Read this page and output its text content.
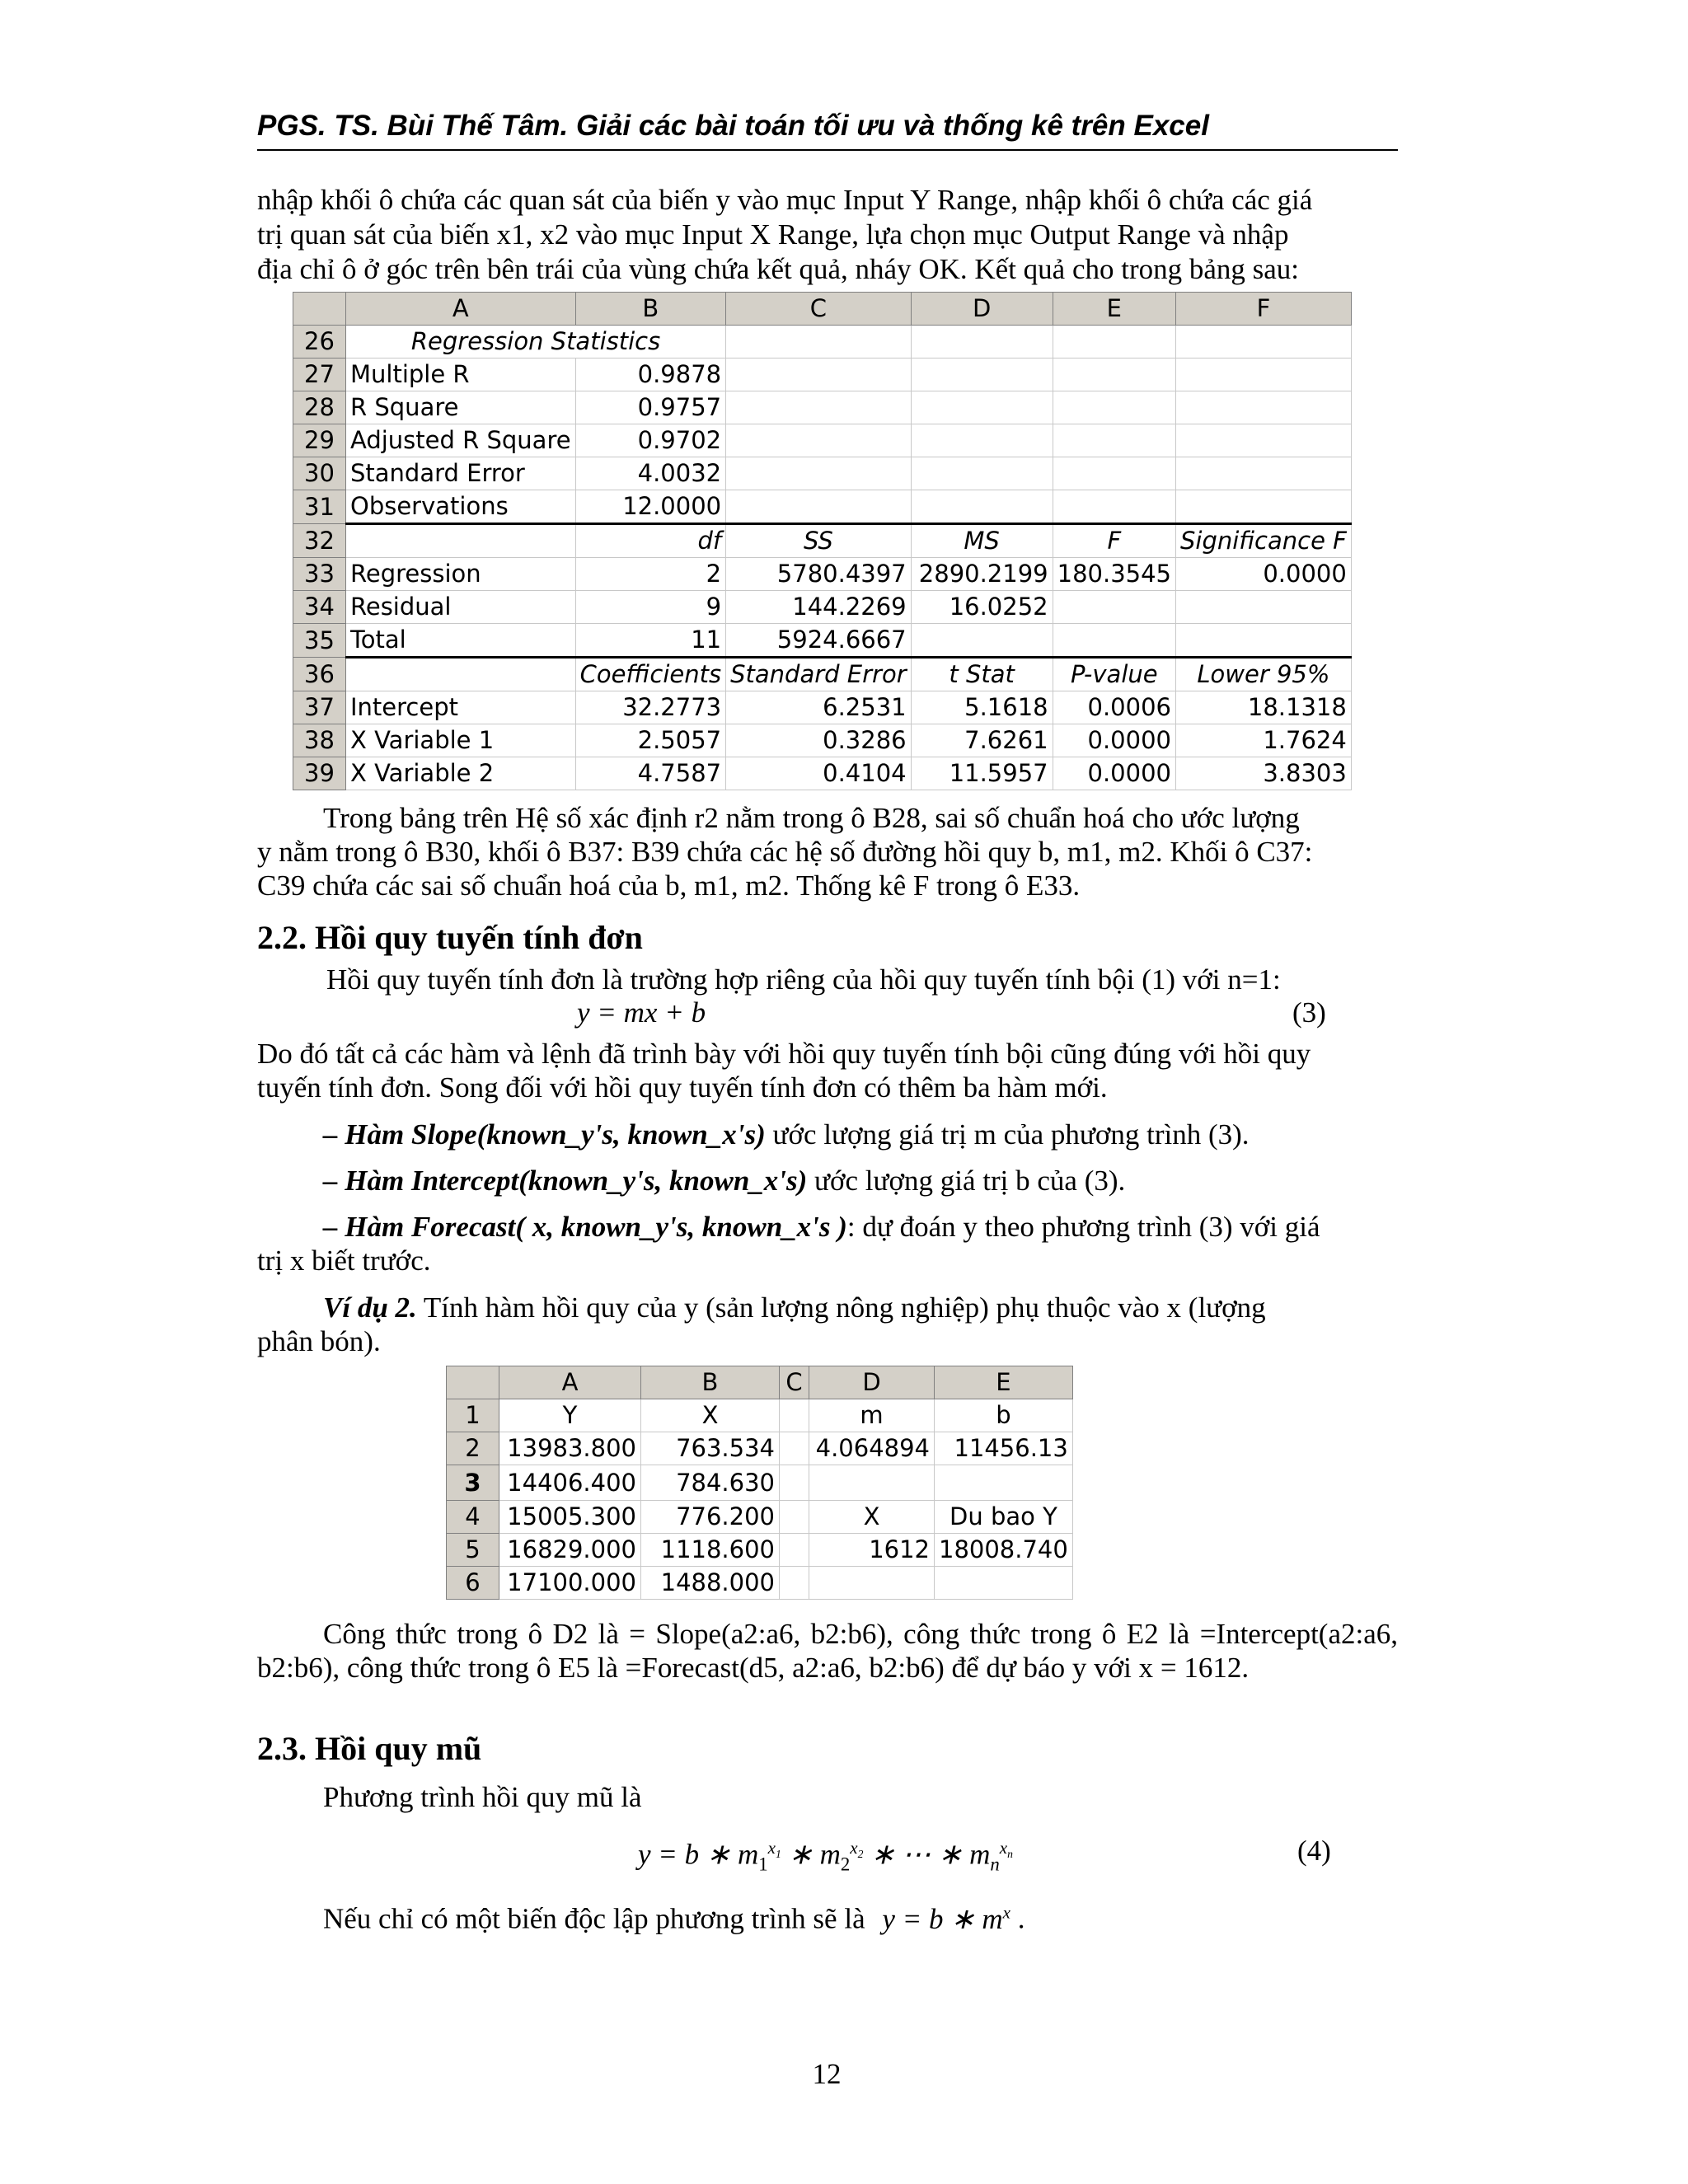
PGS. TS. Bùi Thế Tâm. Giải các bài toán tối ưu và thống kê trên Excel
nhập khối ô chứa các quan sát của biến y vào mục Input Y Range, nhập khối ô chứa các giá
trị quan sát của biến x1, x2 vào mục Input X Range, lựa chọn mục Output Range và nhập
địa chỉ ô ở góc trên bên trái của vùng chứa kết quả, nháy OK. Kết quả cho trong bảng sau:
	A	B	C	D	E	F
26	Regression Statistics					
27	Multiple R	0.9878				
28	R Square	0.9757				
29	Adjusted R Square	0.9702				
30	Standard Error	4.0032				
31	Observations	12.0000				
32		df	SS	MS	F	Significance F
33	Regression	2	5780.4397	2890.2199	180.3545	0.0000
34	Residual	9	144.2269	16.0252		
35	Total	11	5924.6667			
36		Coefficients	Standard Error	t Stat	P-value	Lower 95%
37	Intercept	32.2773	6.2531	5.1618	0.0006	18.1318
38	X Variable 1	2.5057	0.3286	7.6261	0.0000	1.7624
39	X Variable 2	4.7587	0.4104	11.5957	0.0000	3.8303
Trong bảng trên Hệ số xác định r2 nằm trong ô B28, sai số chuẩn hoá cho ước lượng
y nằm trong ô B30, khối ô B37: B39 chứa các hệ số đường hồi quy b, m1, m2. Khối ô C37:
C39 chứa các sai số chuẩn hoá của b, m1, m2. Thống kê F trong ô E33.
2.2. Hồi quy tuyến tính đơn
Hồi quy tuyến tính đơn là trường hợp riêng của hồi quy tuyến tính bội (1) với n=1:
y = mx + b	(3)
Do đó tất cả các hàm và lệnh đã trình bày với hồi quy tuyến tính bội cũng đúng với hồi quy
tuyến tính đơn. Song đối với hồi quy tuyến tính đơn có thêm ba hàm mới.
– Hàm Slope(known_y's, known_x's) ước lượng giá trị m của phương trình (3).
– Hàm Intercept(known_y's, known_x's) ước lượng giá trị b của (3).
– Hàm Forecast( x, known_y's, known_x's ): dự đoán y theo phương trình (3) với giá
trị x biết trước.
Ví dụ 2. Tính hàm hồi quy của y (sản lượng nông nghiệp) phụ thuộc vào x (lượng
phân bón).
	A	B	C	D	E
1	Y	X		m	b
2	13983.800	763.534		4.064894	11456.13
3	14406.400	784.630			
4	15005.300	776.200		X	Du bao Y
5	16829.000	1118.600		1612	18008.740
6	17100.000	1488.000			
Công thức trong ô D2 là = Slope(a2:a6, b2:b6), công thức trong ô E2 là =Intercept(a2:a6, b2:b6), công thức trong ô E5 là =Forecast(d5, a2:a6, b2:b6) để dự báo y với x = 1612.
2.3. Hồi quy mũ
Phương trình hồi quy mũ là
y = b ∗ $m_1^{x_1}$ ∗ $m_2^{x_2}$ ∗ ⋯ ∗ $m_n^{x_n}$	(4)
Nếu chỉ có một biến độc lập phương trình sẽ là y = b ∗ $m^x$ .
12
